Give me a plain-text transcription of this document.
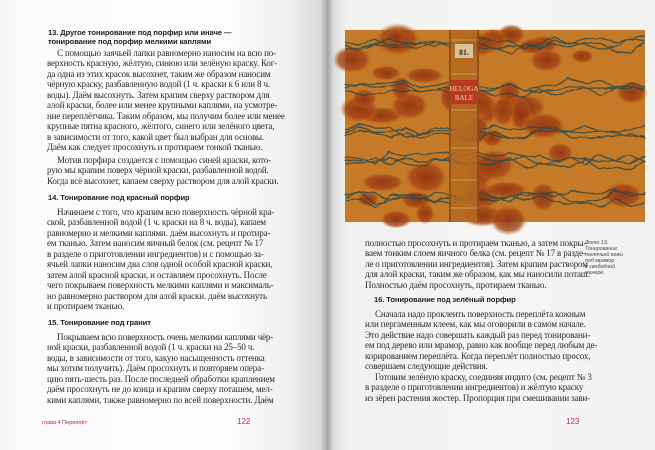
13. Другое тонирование под порфир или иначе —
тонирование под порфир мелкими каплями
С помощью заячьей лапки равномерно наносим на всю по-
верхность красную, жёлтую, синюю или зелёную краску. Ког-
да одна из этих красок высохнет, таким же образом наносим
чёрную краску, разбавленную водой (1 ч. краски к 6 или 8 ч.
воды). Даём высохнуть. Затем крапим сверху раствором для
алой краски, более или менее крупными каплями, на усмотре-
ние переплётчика. Таким образом, мы получим более или менее
крупные пятна красного, жёлтого, синего или зелёного цвета,
в зависимости от того, какой цвет был выбран для основы.
Даём как следует просохнуть и протираем тонкой тканью.
Мотив порфира создается с помощью синей краски, кото-
рую мы крапим поверх чёрной краски, разбавленной водой.
Когда всё высохнет, капаем сверху раствором для алой краски.
14. Тонирование под красный порфир
Начинаем с того, что крапим всю поверхность чёрной кра-
ской, разбавленной водой (1 ч. краски на 8 ч. воды), капаем
равномерно и мелкими каплями. даём высохнуть и протира-
ем тканью. Затем наносим яичный белок (см. рецепт № 17
в разделе о приготовлении ингредиентов) и с помощью за-
ячьей лапки наносим два слоя одной особой красной краски,
затем алой красной краски, и оставляем просохнуть. После
чего покрываем поверхность мелкими каплями и максималь-
но равномерно раствором для алой краски. даём высохнуть
и протираем тканью.
15. Тонирование под гранит
Покрываем всю поверхность очень мелкими каплями чёр-
ной краски, разбавленной водой (1 ч. краски на 25–50 ч.
воды, в зависимости от того, какую насыщенность оттенка
мы хотим получить). Даём просохнуть и повторяем опера-
цию пять-шесть раз. После последней обработки краплением
даём просохнуть не до конца и крапим сверху поташем, мел-
кими каплями, также равномерно по всей поверхности. Даём
глава 4 Переплёт	122
81.
HELOGA
BALE
Фото 13.
Тонирование
телячьей кожи
под мрамор
в свободной
манере.
полностью просохнуть и протираем тканью, а затем покры-
ваем тонким слоем яичного белка (см. рецепт № 17 в разде-
ле о приготовлении ингредиентов). Затем крапим раствором
для алой краски, таким же образом, как мы наносили поташ.
Полностью даём просохнуть, протираем тканью.
16. Тонирование под зелёный порфир
Сначала надо проклеить поверхность переплёта кожным
или пергаменным клеем, как мы оговорили в самом начале.
Это действие надо совершать каждый раз перед тонировани-
ем под дерево или мрамор, равно как вообще перед любым де-
корированием переплёта. Когда переплёт полностью просох,
совершаем следующие действия.
Готовим зелёную краску, соединяя индиго (см. рецепт № 3
в разделе о приготовлении ингредиентов) и жёлтую краску
из зёрен растения жостер. Пропорция при смешивании зави-
123
